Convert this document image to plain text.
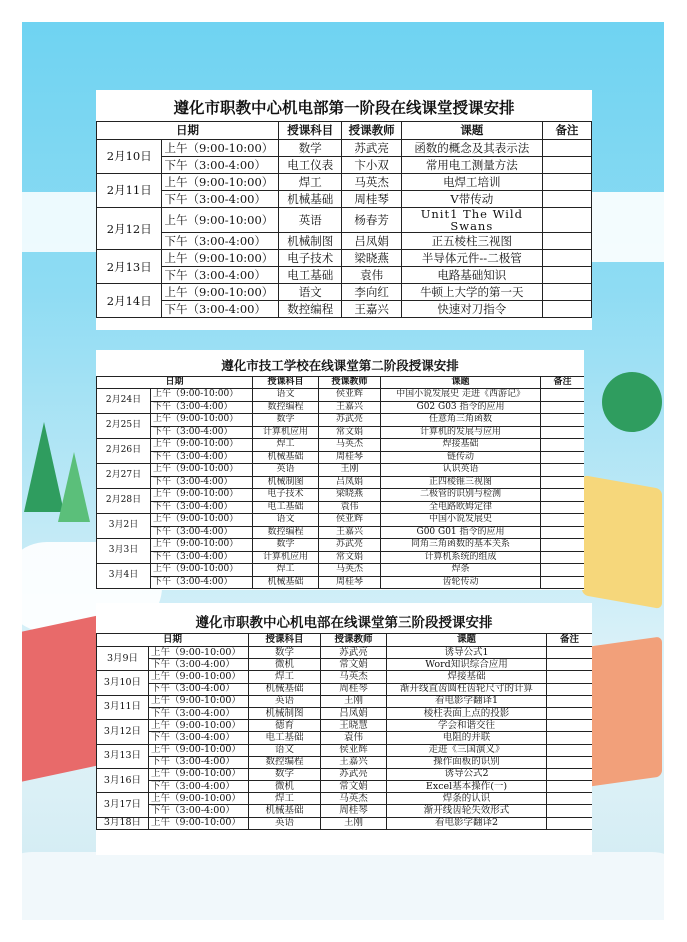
遵化市职教中心机电部第一阶段在线课堂授课安排
日期		授课科目	授课教师	课题	备注
2月10日	上午（9:00-10:00）	数学	苏武亮	函数的概念及其表示法	
	下午（3:00-4:00）	电工仪表	卞小双	常用电工测量方法	
2月11日	上午（9:00-10:00）	焊工	马英杰	电焊工培训	
	下午（3:00-4:00）	机械基础	周桂琴	V带传动	
2月12日	上午（9:00-10:00）	英语	杨春芳	Unit1 The Wild Swans	
	下午（3:00-4:00）	机械制图	吕凤娟	正五棱柱三视图	
2月13日	上午（9:00-10:00）	电子技术	梁晓燕	半导体元件--二极管	
	下午（3:00-4:00）	电工基础	袁伟	电路基础知识	
2月14日	上午（9:00-10:00）	语文	李向红	牛顿上大学的第一天	
	下午（3:00-4:00）	数控编程	王嘉兴	快速对刀指令	
遵化市技工学校在线课堂第二阶段授课安排
日期		授课科目	授课教师	课题	备注
2月24日	上午（9:00-10:00）	语文	侯亚辉	中国小说发展史 走进《西游记》	
	下午（3:00-4:00）	数控编程	王嘉兴	G02 G03 指令的应用	
2月25日	上午（9:00-10:00）	数学	苏武亮	任意角三角函数	
	下午（3:00-4:00）	计算机应用	常文娟	计算机的发展与应用	
2月26日	上午（9:00-10:00）	焊工	马英杰	焊接基础	
	下午（3:00-4:00）	机械基础	周桂琴	链传动	
2月27日	上午（9:00-10:00）	英语	王刚	认识英语	
	下午（3:00-4:00）	机械制图	吕凤娟	正四棱锥三视图	
2月28日	上午（9:00-10:00）	电子技术	梁晓燕	二极管的识别与检测	
	下午（3:00-4:00）	电工基础	袁伟	全电路欧姆定律	
3月2日	上午（9:00-10:00）	语文	侯亚辉	中国小说发展史	
	下午（3:00-4:00）	数控编程	王嘉兴	G00 G01 指令的应用	
3月3日	上午（9:00-10:00）	数学	苏武亮	同角三角函数的基本关系	
	下午（3:00-4:00）	计算机应用	常文娟	计算机系统的组成	
3月4日	上午（9:00-10:00）	焊工	马英杰	焊条	
	下午（3:00-4:00）	机械基础	周桂琴	齿轮传动	
遵化市职教中心机电部在线课堂第三阶段授课安排
日期		授课科目	授课教师	课题	备注
3月9日	上午（9:00-10:00）	数学	苏武亮	诱导公式1	
	下午（3:00-4:00）	微机	常文娟	Word知识综合应用	
3月10日	上午（9:00-10:00）	焊工	马英杰	焊接基础	
	下午（3:00-4:00）	机械基础	周桂琴	渐开线直齿圆柱齿轮尺寸的计算	
3月11日	上午（9:00-10:00）	英语	王刚	看电影学翻译1	
	下午（3:00-4:00）	机械制图	吕凤娟	棱柱表面上点的投影	
3月12日	上午（9:00-10:00）	德育	王晓慧	学会和谐交往	
	下午（3:00-4:00）	电工基础	袁伟	电阻的并联	
3月13日	上午（9:00-10:00）	语文	侯亚辉	走进《三国演义》	
	下午（3:00-4:00）	数控编程	王嘉兴	操作面板的识别	
3月16日	上午（9:00-10:00）	数学	苏武亮	诱导公式2	
	下午（3:00-4:00）	微机	常文娟	Excel基本操作(一)	
3月17日	上午（9:00-10:00）	焊工	马英杰	焊条的认识	
	下午（3:00-4:00）	机械基础	周桂琴	渐开线齿轮失效形式	
3月18日	上午（9:00-10:00）	英语	王刚	看电影学翻译2	
